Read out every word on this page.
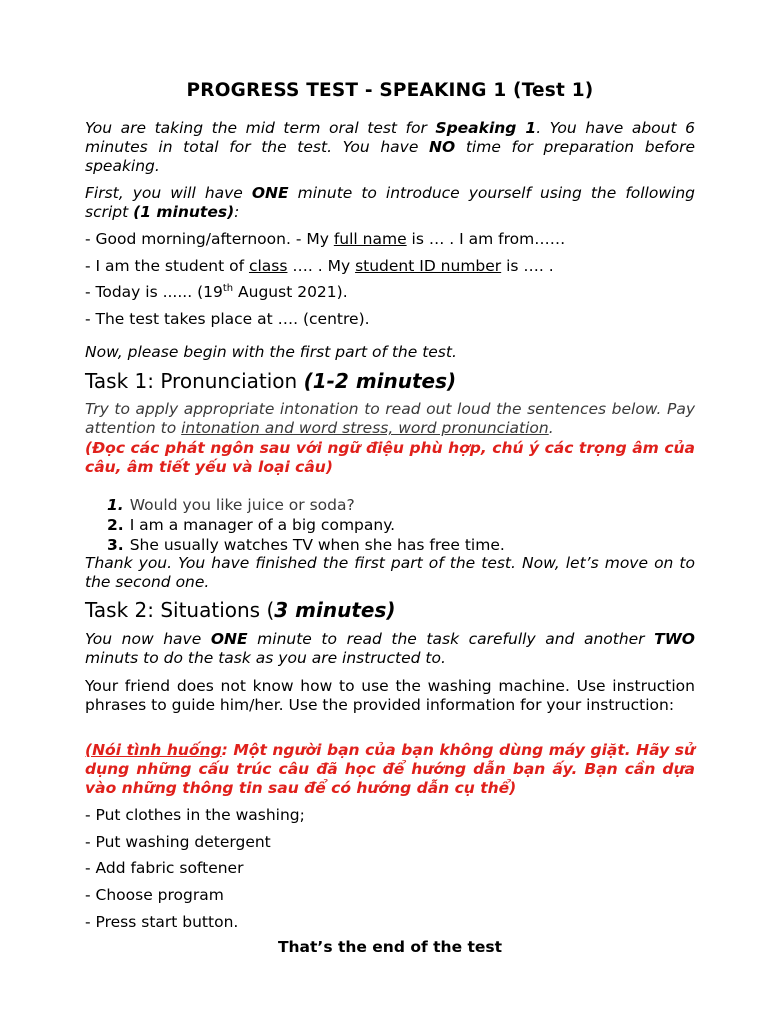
PROGRESS TEST - SPEAKING 1 (Test 1)
You are taking the mid term oral test for Speaking 1. You have about 6 minutes in total for the test. You have NO time for preparation before speaking.
First, you will have ONE minute to introduce yourself using the following script (1 minutes):
- Good morning/afternoon. - My full name is … . I am from……
- I am the student of class …. . My student ID number is …. .
- Today is ...... (19th August 2021).
- The test takes place at …. (centre).
Now, please begin with the first part of the test.
Task 1: Pronunciation (1-2 minutes)
Try to apply appropriate intonation to read out loud the sentences below. Pay attention to intonation and word stress, word pronunciation.
(Đọc các phát ngôn sau với ngữ điệu phù hợp, chú ý các trọng âm của câu, âm tiết yếu và loại câu)
1. Would you like juice or soda?
2. I am a manager of a big company.
3. She usually watches TV when she has free time.
Thank you. You have finished the first part of the test. Now, let’s move on to the second one.
Task 2: Situations (3 minutes)
You now have ONE minute to read the task carefully and another TWO minuts to do the task as you are instructed to.
Your friend does not know how to use the washing machine. Use instruction phrases to guide him/her. Use the provided information for your instruction:
(Nói tình huống: Một người bạn của bạn không dùng máy giặt. Hãy sử dụng những cấu trúc câu đã học để hướng dẫn bạn ấy. Bạn cần dựa vào những thông tin sau để có hướng dẫn cụ thể)
- Put clothes in the washing;
- Put washing detergent
- Add fabric softener
- Choose program
- Press start button.
That’s the end of the test
